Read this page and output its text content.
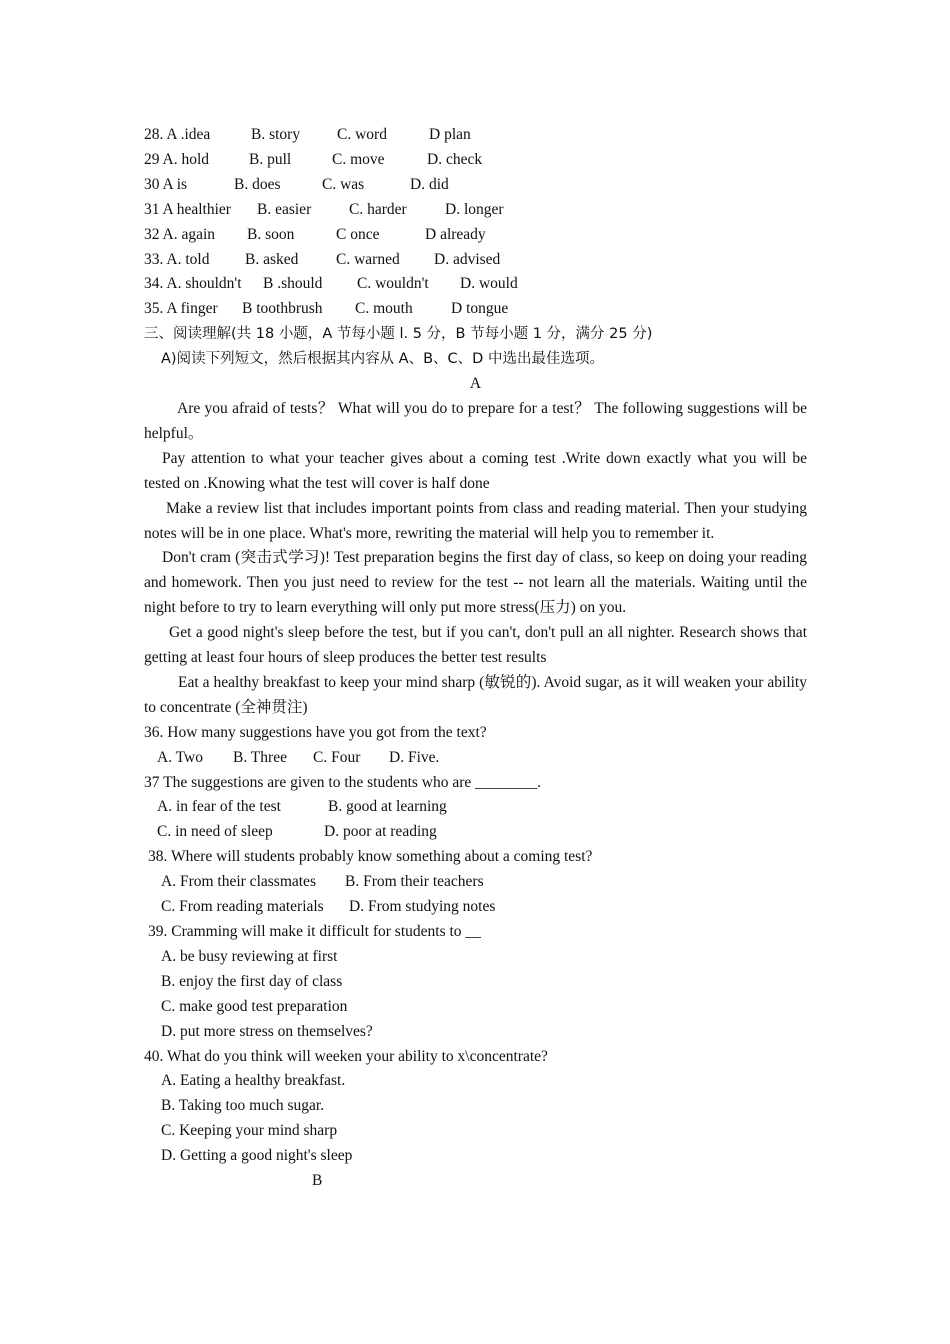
28. A .idea	B. story	C. word	D plan
29 A. hold	B. pull	C. move	D. check
30 A is	B. does	C. was	D. did
31 A healthier	B. easier	C. harder	D. longer
32 A. again	B. soon	C once	D already
33. A. told	B. asked	C. warned	D. advised
34. A. shouldn't	B .should	C. wouldn't	D. would
35. A finger	B toothbrush	C. mouth	D tongue
三、阅读理解(共 18 小题，A 节每小题 l. 5 分，B 节每小题 1 分，满分 25 分)
A)阅读下列短文，然后根据其内容从 A、B、C、D 中选出最佳选项。
A
Are you afraid of tests？ What will you do to prepare for a test？ The following suggestions will be helpful。
Pay attention to what your teacher gives about a coming test .Write down exactly what you will be tested on .Knowing what the test will cover is half done
Make a review list that includes important points from class and reading material. Then your studying notes will be in one place. What's more, rewriting the material will help you to remember it.
Don't cram (突击式学习)! Test preparation begins the first day of class, so keep on doing your reading and homework. Then you just need to review for the test -- not learn all the materials. Waiting until the night before to try to learn everything will only put more stress(压力) on you.
Get a good night's sleep before the test, but if you can't, don't pull an all nighter. Research shows that getting at least four hours of sleep produces the better test results
Eat a healthy breakfast to keep your mind sharp (敏锐的). Avoid sugar, as it will weaken your ability to concentrate (全神贯注)
36. How many suggestions have you got from the text?
A. Two	B. Three	C. Four	D. Five.
37 The suggestions are given to the students who are ________.
A. in fear of the test	B. good at learning
C. in need of sleep	D. poor at reading
38. Where will students probably know something about a coming test?
A. From their classmates	B. From their teachers
C. From reading materials	D. From studying notes
39. Cramming will make it difficult for students to __
A. be busy reviewing at first
B. enjoy the first day of class
C. make good test preparation
D. put more stress on themselves?
40. What do you think will weeken your ability to x\concentrate?
A. Eating a healthy breakfast.
B. Taking too much sugar.
C. Keeping your mind sharp
D. Getting a good night's sleep
B
